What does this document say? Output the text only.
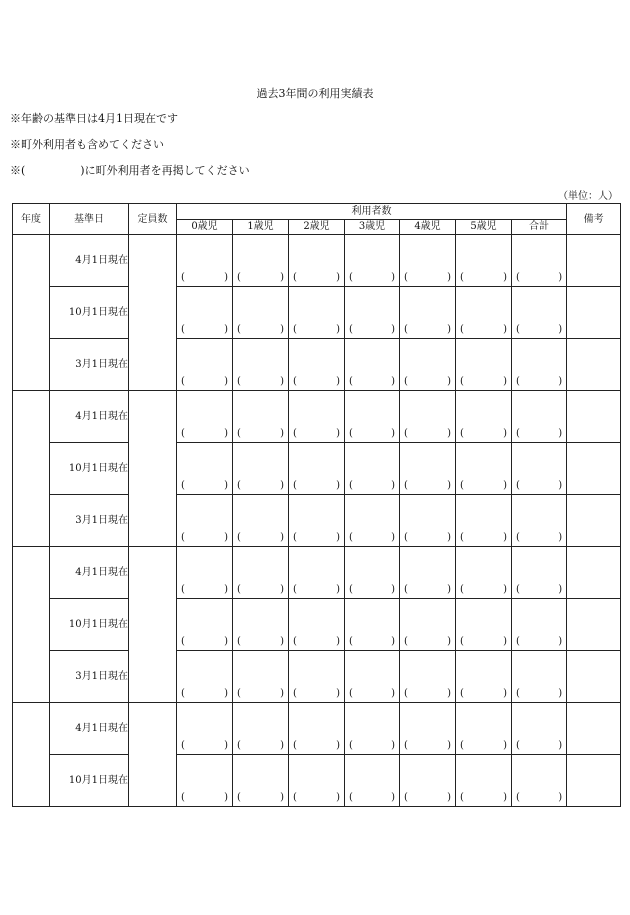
過去3年間の利用実績表
※年齢の基準日は4月1日現在です
※町外利用者も含めてください
※(　　　　　)に町外利用者を再掲してください
（単位：人）
年度	基準日	定員数	利用者数							備考
			0歳児	1歳児	2歳児	3歳児	4歳児	5歳児	合計	
	4月1日現在		( )	( )	( )	( )	( )	( )	( )	

	10月1日現在		( )	( )	( )	( )	( )	( )	( )	

	3月1日現在		( )	( )	( )	( )	( )	( )	( )	

	4月1日現在		( )	( )	( )	( )	( )	( )	( )	

	10月1日現在		( )	( )	( )	( )	( )	( )	( )	

	3月1日現在		( )	( )	( )	( )	( )	( )	( )	

	4月1日現在		( )	( )	( )	( )	( )	( )	( )	

	10月1日現在		( )	( )	( )	( )	( )	( )	( )	

	3月1日現在		( )	( )	( )	( )	( )	( )	( )	

	4月1日現在		( )	( )	( )	( )	( )	( )	( )	

	10月1日現在		( )	( )	( )	( )	( )	( )	( )	
